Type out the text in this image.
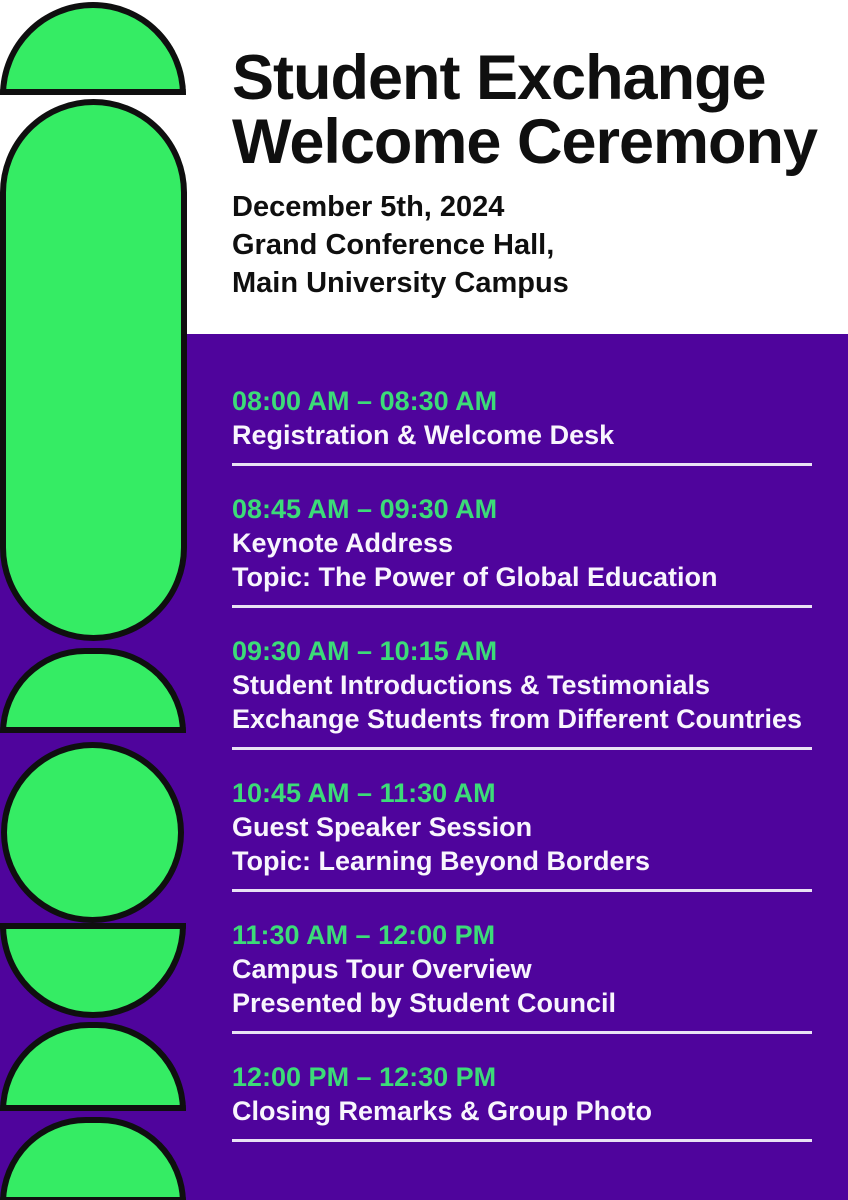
Student Exchange
Welcome Ceremony
December 5th, 2024
Grand Conference Hall,
Main University Campus
08:00 AM – 08:30 AM
Registration & Welcome Desk
08:45 AM – 09:30 AM
Keynote Address
Topic: The Power of Global Education
09:30 AM – 10:15 AM
Student Introductions & Testimonials
Exchange Students from Different Countries
10:45 AM – 11:30 AM
Guest Speaker Session
Topic: Learning Beyond Borders
11:30 AM – 12:00 PM
Campus Tour Overview
Presented by Student Council
12:00 PM – 12:30 PM
Closing Remarks & Group Photo
